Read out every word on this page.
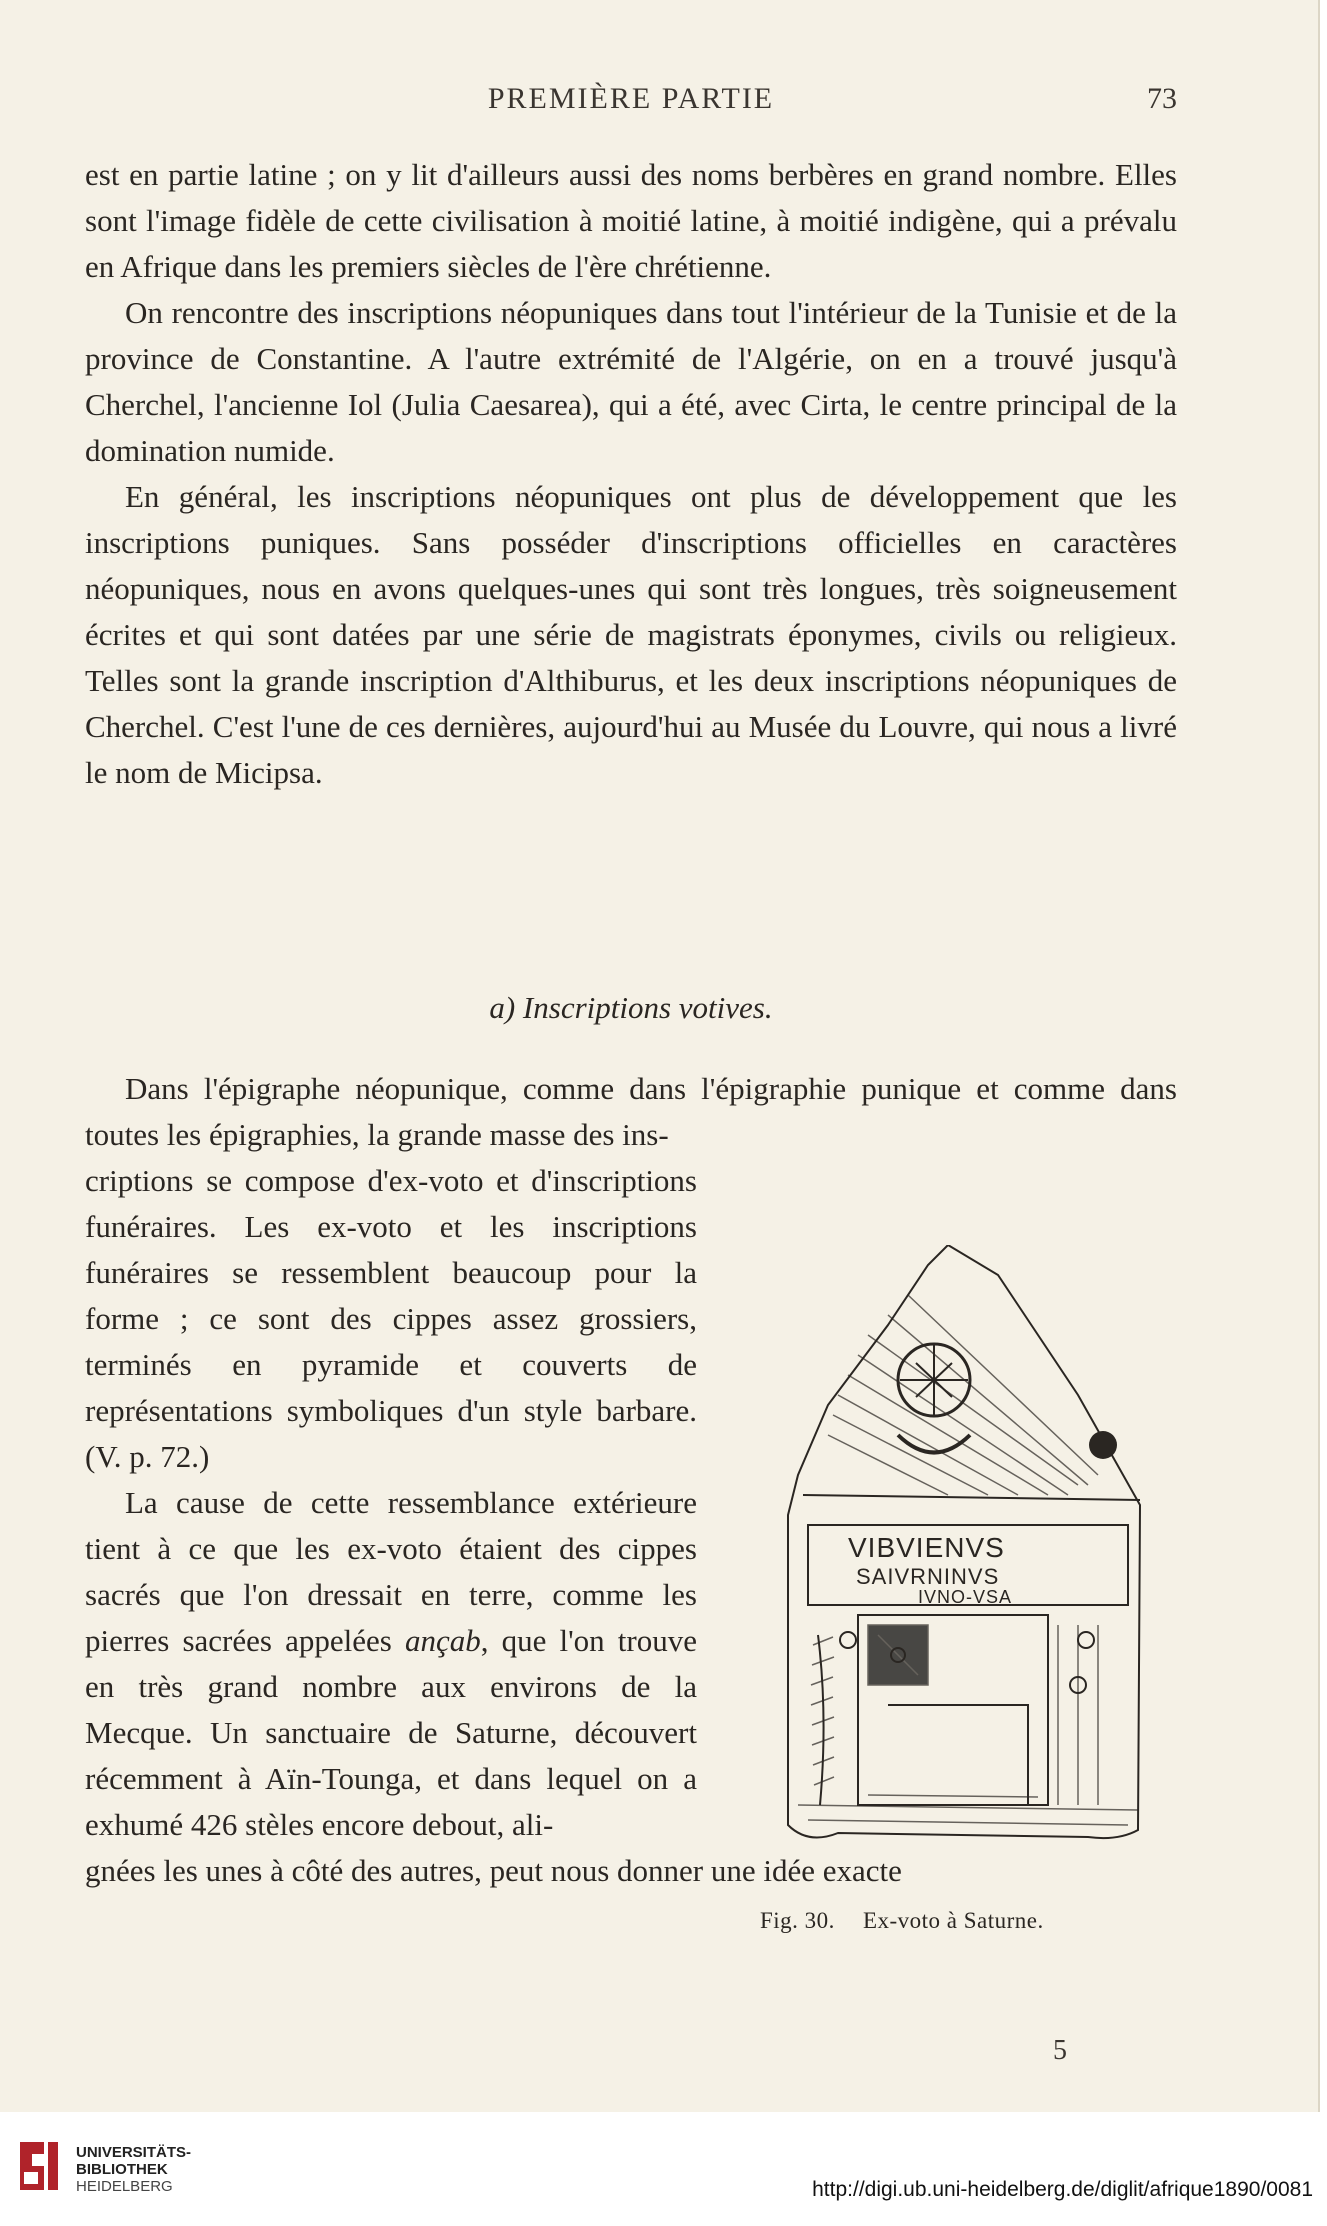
PREMIÈRE PARTIE	73

est en partie latine ; on y lit d'ailleurs aussi des noms berbères en grand nombre. Elles sont l'image fidèle de cette civilisation à moitié latine, à moitié indigène, qui a prévalu en Afrique dans les premiers siècles de l'ère chrétienne.

On rencontre des inscriptions néopuniques dans tout l'intérieur de la Tunisie et de la province de Constantine. A l'autre extrémité de l'Algérie, on en a trouvé jusqu'à Cherchel, l'ancienne Iol (Julia Caesarea), qui a été, avec Cirta, le centre principal de la domination numide.

En général, les inscriptions néopuniques ont plus de développement que les inscriptions puniques. Sans posséder d'inscriptions officielles en caractères néopuniques, nous en avons quelques-unes qui sont très longues, très soigneusement écrites et qui sont datées par une série de magistrats éponymes, civils ou religieux. Telles sont la grande inscription d'Althiburus, et les deux inscriptions néopuniques de Cherchel. C'est l'une de ces dernières, aujourd'hui au Musée du Louvre, qui nous a livré le nom de Micipsa.

a) Inscriptions votives.

Dans l'épigraphe néopunique, comme dans l'épigraphie punique et comme dans toutes les épigraphies, la grande masse des ins-

criptions se compose d'ex-voto et d'inscriptions funéraires. Les ex-voto et les inscriptions funéraires se ressemblent beaucoup pour la forme ; ce sont des cippes assez grossiers, terminés en pyramide et couverts de représentations symboliques d'un style barbare. (V. p. 72.)

La cause de cette ressemblance extérieure tient à ce que les ex-voto étaient des cippes sacrés que l'on dressait en terre, comme les pierres sacrées appelées ançab, que l'on trouve en très grand nombre aux environs de la Mecque. Un sanctuaire de Saturne, découvert récemment à Aïn-Tounga, et dans lequel on a exhumé 426 stèles encore debout, ali-

gnées les unes à côté des autres, peut nous donner une idée exacte

VIBVIENVS
SAIVRNINVS
IVNO-VSA
Fig. 30. Ex-voto à Saturne.
5
UNIVERSITÄTS-
BIBLIOTHEK
HEIDELBERG	http://digi.ub.uni-heidelberg.de/diglit/afrique1890/0081
